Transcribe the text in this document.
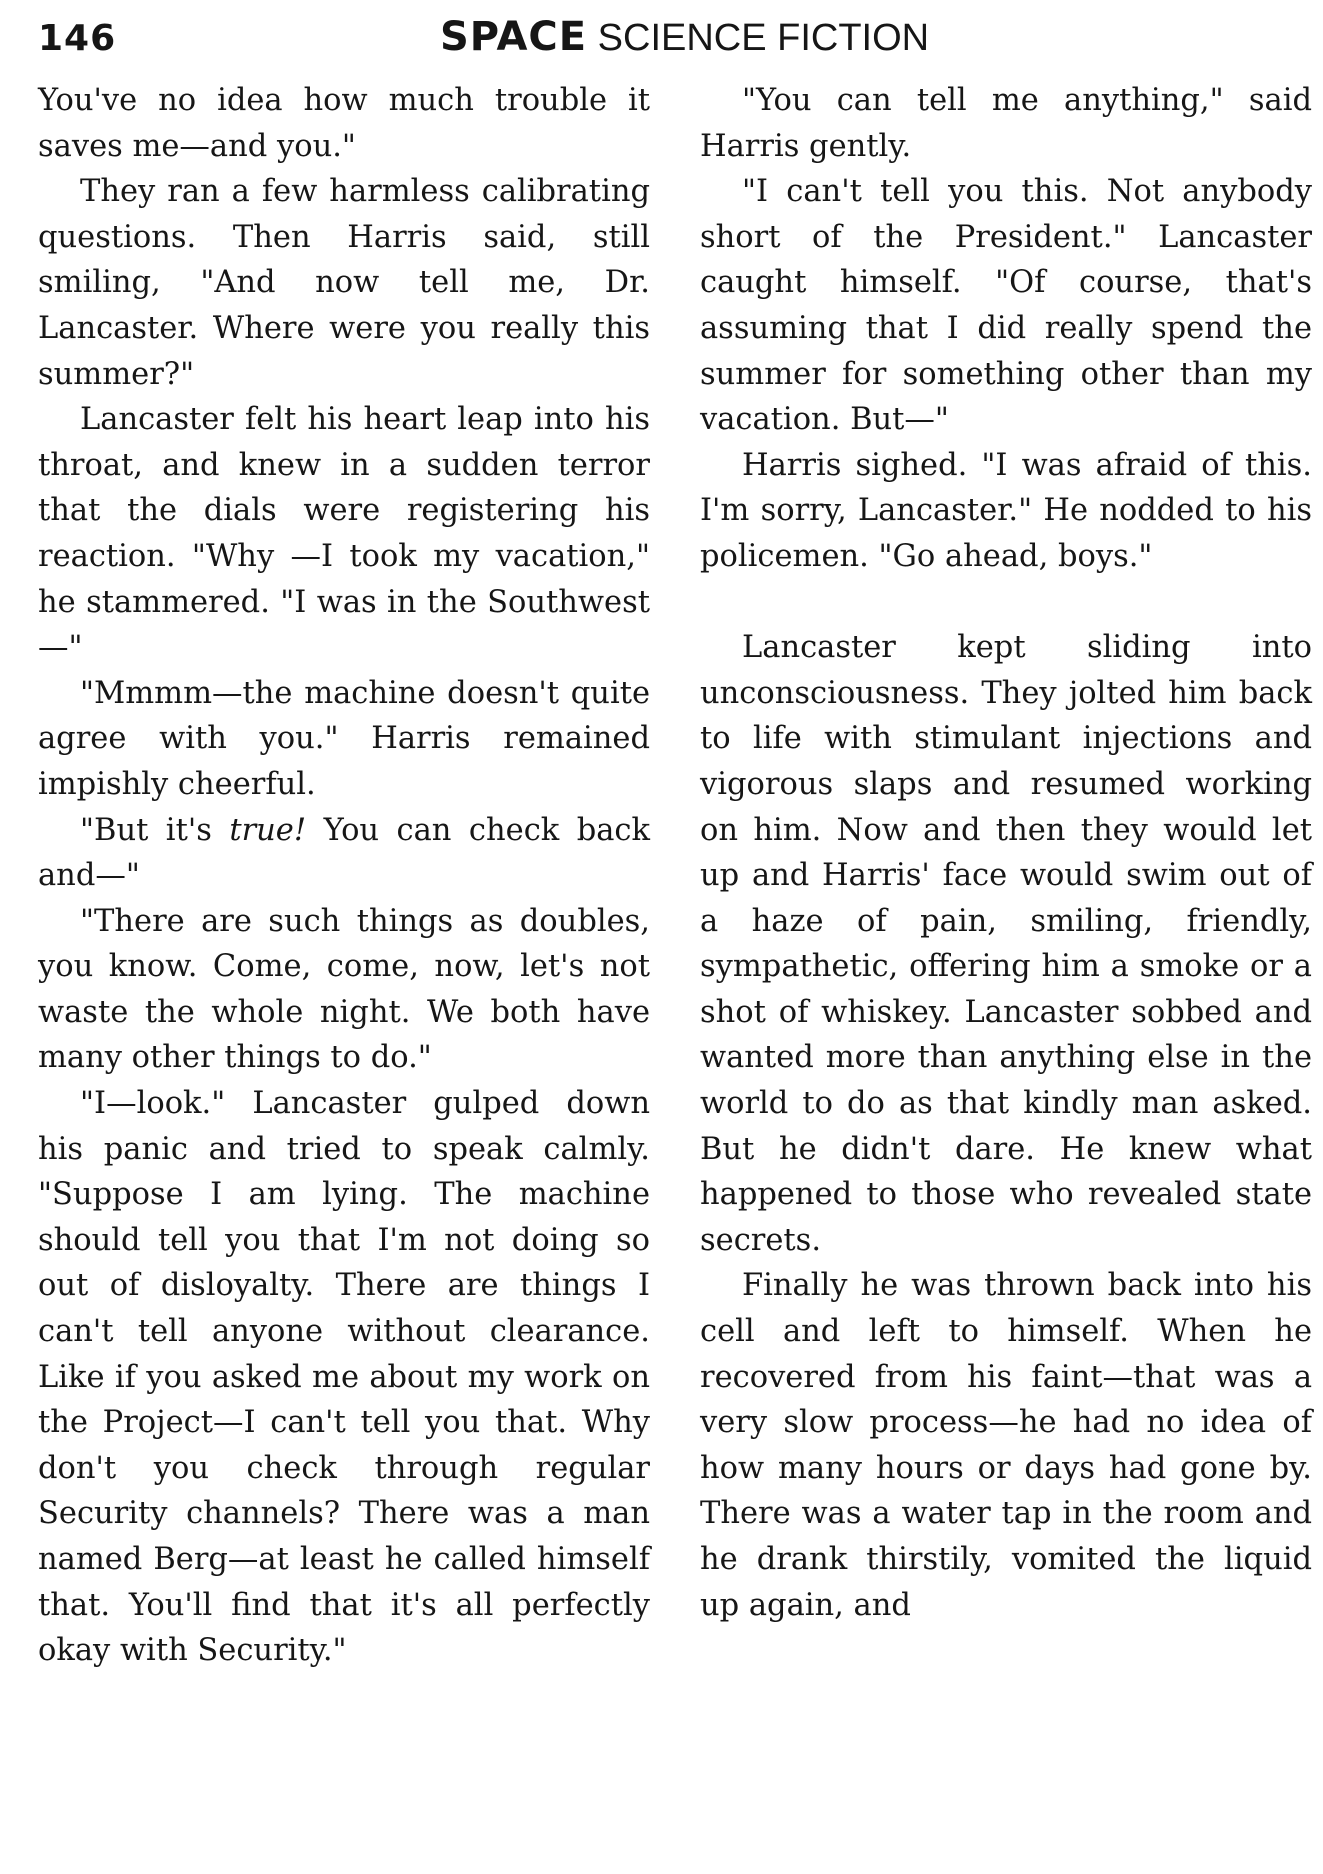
146	SPACE SCIENCE FICTION

You've no idea how much trouble it saves me—and you."

They ran a few harmless calibrating questions. Then Harris said, still smiling, "And now tell me, Dr. Lancaster. Where were you really this summer?"

Lancaster felt his heart leap into his throat, and knew in a sudden terror that the dials were registering his reaction. "Why —I took my vacation," he stammered. "I was in the Southwest—"

"Mmmm—the machine doesn't quite agree with you." Harris remained impishly cheerful.

"But it's true! You can check back and—"

"There are such things as doubles, you know. Come, come, now, let's not waste the whole night. We both have many other things to do."

"I—look." Lancaster gulped down his panic and tried to speak calmly. "Suppose I am lying. The machine should tell you that I'm not doing so out of disloyalty. There are things I can't tell anyone without clearance. Like if you asked me about my work on the Project—I can't tell you that. Why don't you check through regular Security channels? There was a man named Berg—at least he called himself that. You'll find that it's all perfectly okay with Security."

"You can tell me anything," said Harris gently.

"I can't tell you this. Not anybody short of the President." Lancaster caught himself. "Of course, that's assuming that I did really spend the summer for something other than my vacation. But—"

Harris sighed. "I was afraid of this. I'm sorry, Lancaster." He nodded to his policemen. "Go ahead, boys."

Lancaster kept sliding into unconsciousness. They jolted him back to life with stimulant injections and vigorous slaps and resumed working on him. Now and then they would let up and Harris' face would swim out of a haze of pain, smiling, friendly, sympathetic, offering him a smoke or a shot of whiskey. Lancaster sobbed and wanted more than anything else in the world to do as that kindly man asked. But he didn't dare. He knew what happened to those who revealed state secrets.

Finally he was thrown back into his cell and left to himself. When he recovered from his faint—that was a very slow process—he had no idea of how many hours or days had gone by. There was a water tap in the room and he drank thirstily, vomited the liquid up again, and
